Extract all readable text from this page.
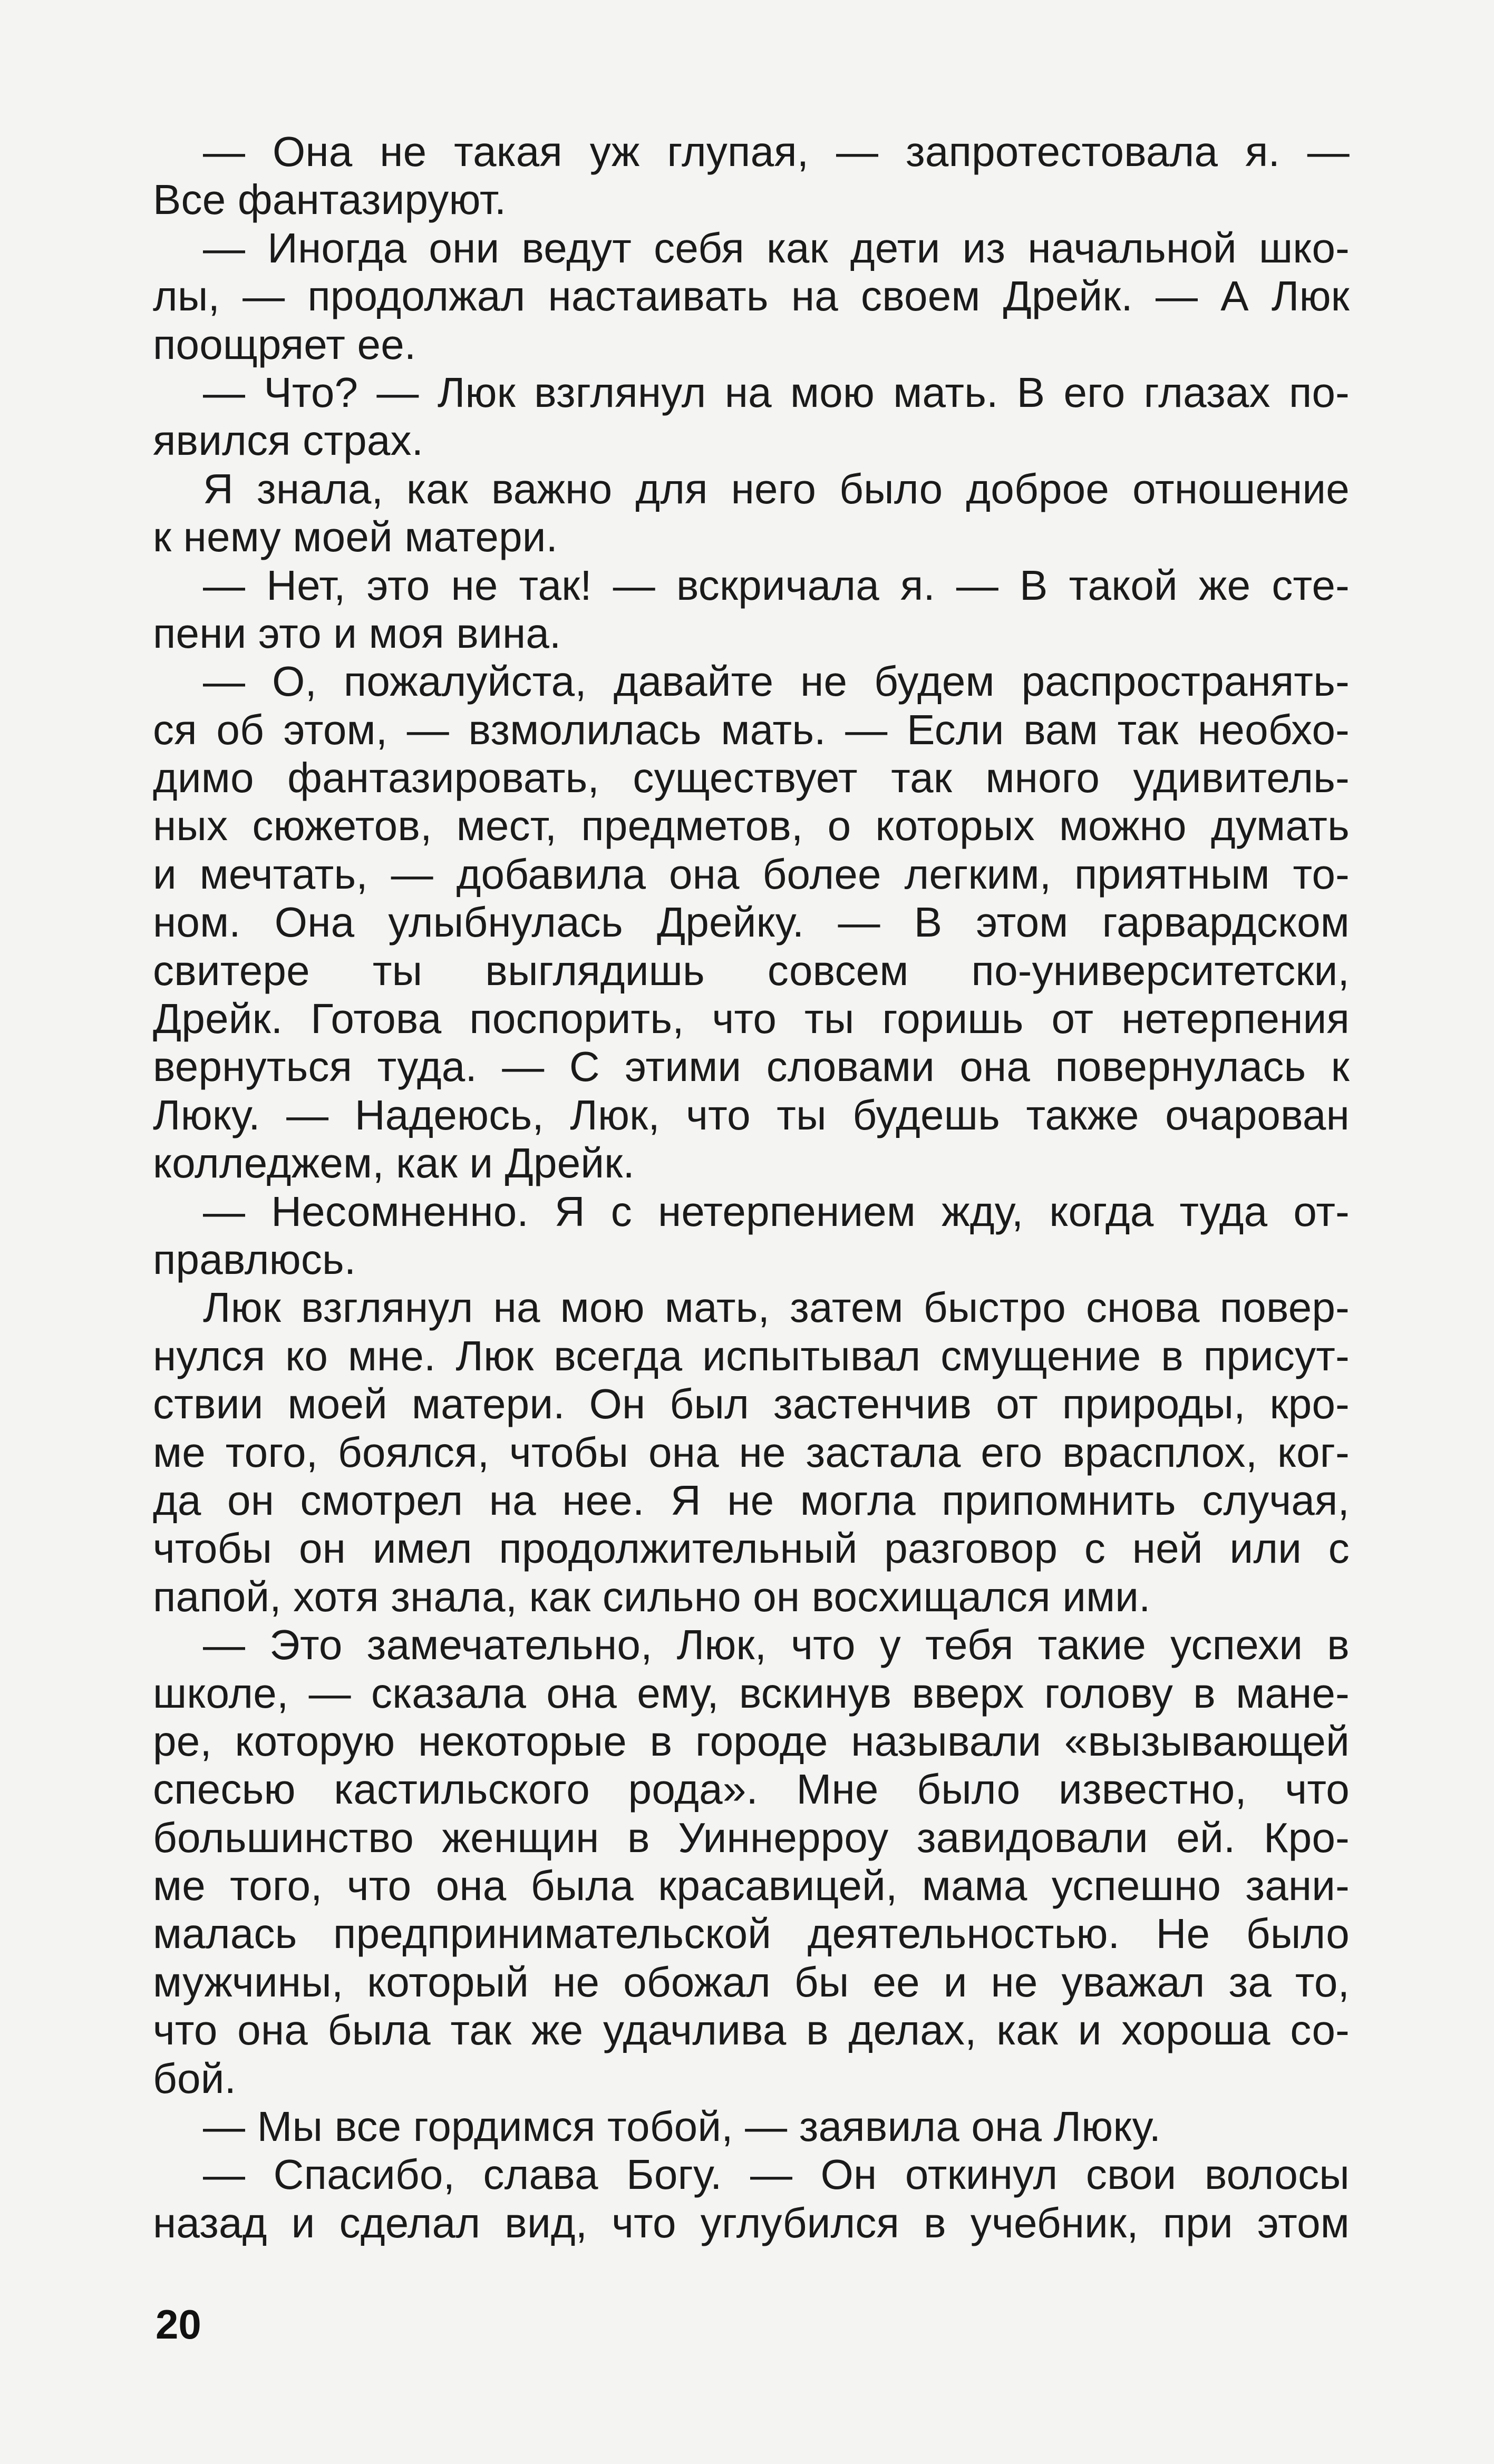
— Она не такая уж глупая, — запротестовала я. —
Все фантазируют.
— Иногда они ведут себя как дети из начальной шко-
лы, — продолжал настаивать на своем Дрейк. — А Люк
поощряет ее.
— Что? — Люк взглянул на мою мать. В его глазах по-
явился страх.
Я знала, как важно для него было доброе отношение
к нему моей матери.
— Нет, это не так! — вскричала я. — В такой же сте-
пени это и моя вина.
— О, пожалуйста, давайте не будем распространять-
ся об этом, — взмолилась мать. — Если вам так необхо-
димо фантазировать, существует так много удивитель-
ных сюжетов, мест, предметов, о которых можно думать
и мечтать, — добавила она более легким, приятным то-
ном. Она улыбнулась Дрейку. — В этом гарвардском
свитере ты выглядишь совсем по-университетски,
Дрейк. Готова поспорить, что ты горишь от нетерпения
вернуться туда. — С этими словами она повернулась к
Люку. — Надеюсь, Люк, что ты будешь также очарован
колледжем, как и Дрейк.
— Несомненно. Я с нетерпением жду, когда туда от-
правлюсь.
Люк взглянул на мою мать, затем быстро снова повер-
нулся ко мне. Люк всегда испытывал смущение в присут-
ствии моей матери. Он был застенчив от природы, кро-
ме того, боялся, чтобы она не застала его врасплох, ког-
да он смотрел на нее. Я не могла припомнить случая,
чтобы он имел продолжительный разговор с ней или с
папой, хотя знала, как сильно он восхищался ими.
— Это замечательно, Люк, что у тебя такие успехи в
школе, — сказала она ему, вскинув вверх голову в мане-
ре, которую некоторые в городе называли «вызывающей
спесью кастильского рода». Мне было известно, что
большинство женщин в Уиннерроу завидовали ей. Кро-
ме того, что она была красавицей, мама успешно зани-
малась предпринимательской деятельностью. Не было
мужчины, который не обожал бы ее и не уважал за то,
что она была так же удачлива в делах, как и хороша со-
бой.
— Мы все гордимся тобой, — заявила она Люку.
— Спасибо, слава Богу. — Он откинул свои волосы
назад и сделал вид, что углубился в учебник, при этом
20
